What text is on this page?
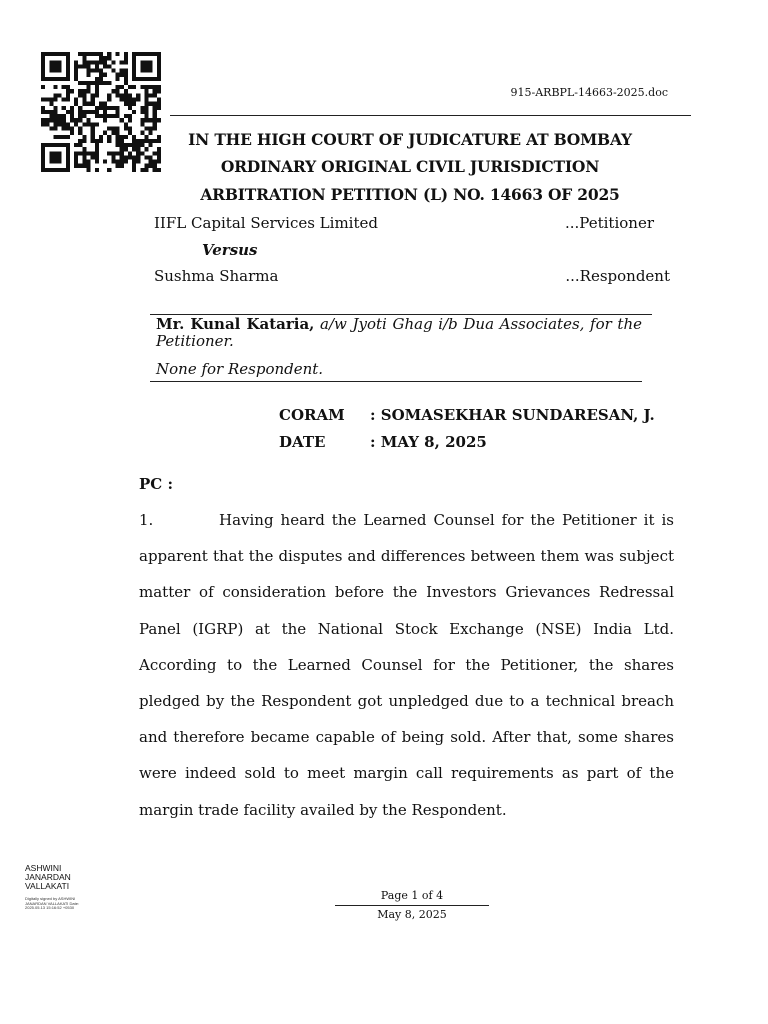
915-ARBPL-14663-2025.doc
IN THE HIGH COURT OF JUDICATURE AT BOMBAY
ORDINARY ORIGINAL CIVIL JURISDICTION
ARBITRATION PETITION (L) NO. 14663 OF 2025
IIFL Capital Services Limited	...Petitioner
Versus
Sushma Sharma	...Respondent
Mr. Kunal Kataria, a/w Jyoti Ghag i/b Dua Associates, for the Petitioner.
None for Respondent.
CORAM : SOMASEKHAR SUNDARESAN, J.
DATE	: MAY 8, 2025
PC :
1.	Having heard the Learned Counsel for the Petitioner it is apparent that the disputes and differences between them was subject matter of consideration before the Investors Grievances Redressal Panel (IGRP) at the National Stock Exchange (NSE) India Ltd. According to the Learned Counsel for the Petitioner, the shares pledged by the Respondent got unpledged due to a technical breach and therefore became capable of being sold. After that, some shares were indeed sold to meet margin call requirements as part of the margin trade facility availed by the Respondent.
ASHWINI JANARDAN VALLAKATI
Digitally signed by ASHWINI JANARDAN VALLAKATI Date: 2025.05.13 15:16:52 +0530
Page 1 of 4
May 8, 2025
